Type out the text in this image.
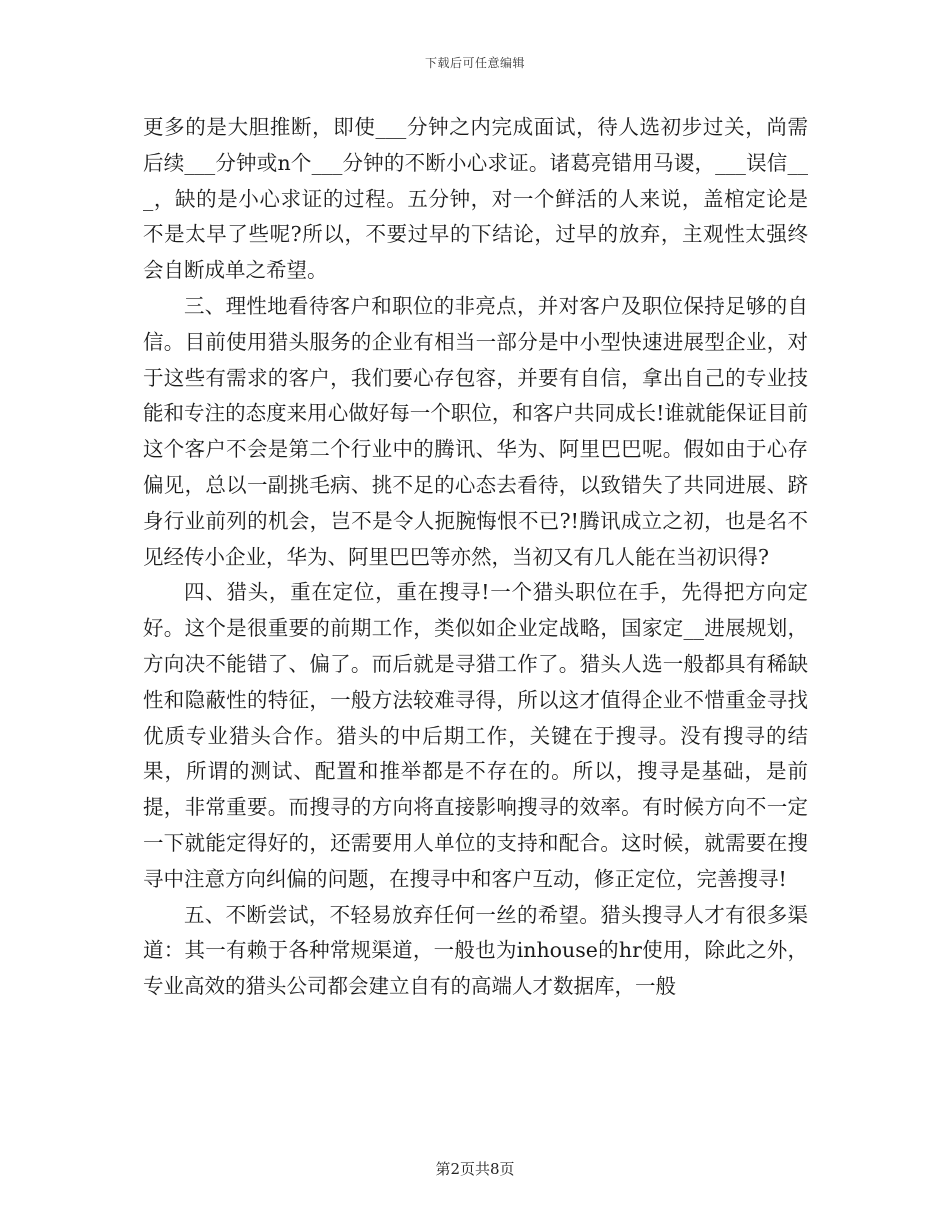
下载后可任意编辑

更多的是大胆推断，即使___分钟之内完成面试，待人选初步过关，尚需后续___分钟或n个___分钟的不断小心求证。诸葛亮错用马谡，___误信___，缺的是小心求证的过程。五分钟，对一个鲜活的人来说，盖棺定论是不是太早了些呢?所以，不要过早的下结论，过早的放弃，主观性太强终会自断成单之希望。

三、理性地看待客户和职位的非亮点，并对客户及职位保持足够的自信。目前使用猎头服务的企业有相当一部分是中小型快速进展型企业，对于这些有需求的客户，我们要心存包容，并要有自信，拿出自己的专业技能和专注的态度来用心做好每一个职位，和客户共同成长!谁就能保证目前这个客户不会是第二个行业中的腾讯、华为、阿里巴巴呢。假如由于心存偏见，总以一副挑毛病、挑不足的心态去看待，以致错失了共同进展、跻身行业前列的机会，岂不是令人扼腕悔恨不已?!腾讯成立之初，也是名不见经传小企业，华为、阿里巴巴等亦然，当初又有几人能在当初识得?

四、猎头，重在定位，重在搜寻!一个猎头职位在手，先得把方向定好。这个是很重要的前期工作，类似如企业定战略，国家定__进展规划，方向决不能错了、偏了。而后就是寻猎工作了。猎头人选一般都具有稀缺性和隐蔽性的特征，一般方法较难寻得，所以这才值得企业不惜重金寻找优质专业猎头合作。猎头的中后期工作，关键在于搜寻。没有搜寻的结果，所谓的测试、配置和推举都是不存在的。所以，搜寻是基础，是前提，非常重要。而搜寻的方向将直接影响搜寻的效率。有时候方向不一定一下就能定得好的，还需要用人单位的支持和配合。这时候，就需要在搜寻中注意方向纠偏的问题，在搜寻中和客户互动，修正定位，完善搜寻!

五、不断尝试，不轻易放弃任何一丝的希望。猎头搜寻人才有很多渠道：其一有赖于各种常规渠道，一般也为inhouse的hr使用，除此之外，专业高效的猎头公司都会建立自有的高端人才数据库，一般

第2页共8页
